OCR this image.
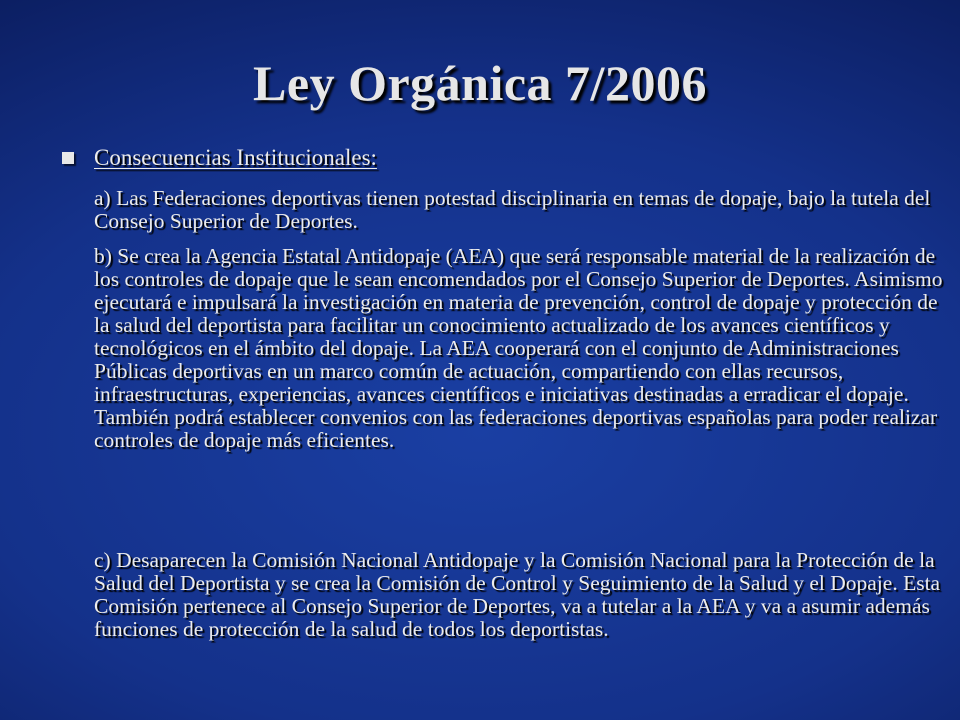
Ley Orgánica 7/2006
Consecuencias Institucionales:

a) Las Federaciones deportivas tienen potestad disciplinaria en temas de dopaje, bajo la tutela del Consejo Superior de Deportes.

b) Se crea la Agencia Estatal Antidopaje (AEA) que será responsable material de la realización de los controles de dopaje que le sean encomendados por el Consejo Superior de Deportes. Asimismo ejecutará e impulsará la investigación en materia de prevención, control de dopaje y protección de la salud del deportista para facilitar un conocimiento actualizado de los avances científicos y tecnológicos en el ámbito del dopaje. La AEA cooperará con el conjunto de Administraciones Públicas deportivas en un marco común de actuación, compartiendo con ellas recursos, infraestructuras, experiencias, avances científicos e iniciativas destinadas a erradicar el dopaje. También podrá establecer convenios con las federaciones deportivas españolas para poder realizar controles de dopaje más eficientes.

c) Desaparecen la Comisión Nacional Antidopaje y la Comisión Nacional para la Protección de la Salud del Deportista y se crea la Comisión de Control y Seguimiento de la Salud y el Dopaje. Esta Comisión pertenece al Consejo Superior de Deportes, va a tutelar a la AEA y va a asumir además funciones de protección de la salud de todos los deportistas.
